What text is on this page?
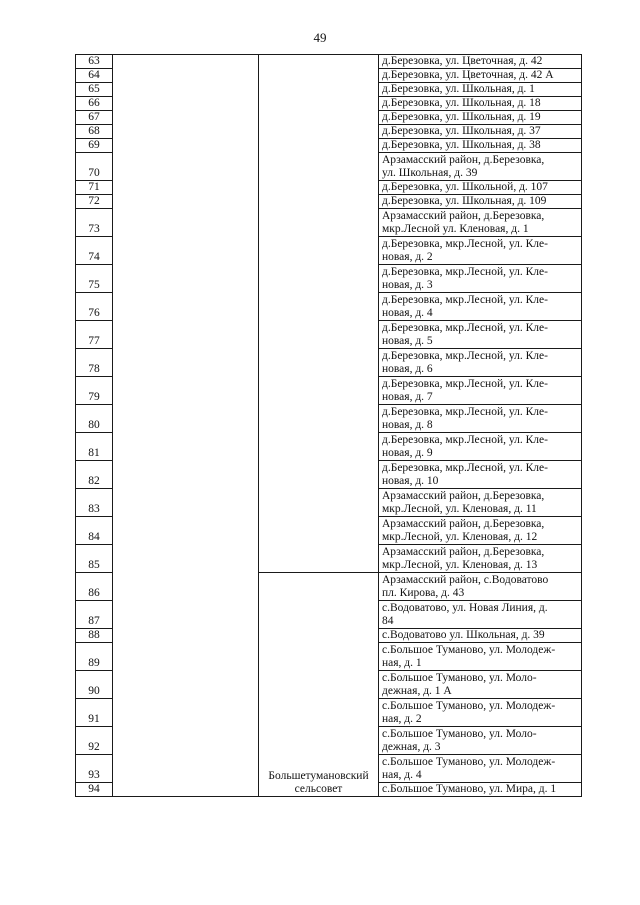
49
63			д.Березовка, ул. Цветочная, д. 42

64			д.Березовка, ул. Цветочная, д. 42 А

65			д.Березовка, ул. Школьная, д. 1

66			д.Березовка, ул. Школьная, д. 18

67			д.Березовка, ул. Школьная, д. 19

68			д.Березовка, ул. Школьная, д. 37

69			д.Березовка, ул. Школьная, д. 38

70			Арзамасский район, д.Березовка,
ул. Школьная, д. 39

71			д.Березовка, ул. Школьной, д. 107

72			д.Березовка, ул. Школьная, д. 109

73			Арзамасский район, д.Березовка,
мкр.Лесной ул. Кленовая, д. 1

74			д.Березовка, мкр.Лесной, ул. Кле-
новая, д. 2

75			д.Березовка, мкр.Лесной, ул. Кле-
новая, д. 3

76			д.Березовка, мкр.Лесной, ул. Кле-
новая, д. 4

77			д.Березовка, мкр.Лесной, ул. Кле-
новая, д. 5

78			д.Березовка, мкр.Лесной, ул. Кле-
новая, д. 6

79			д.Березовка, мкр.Лесной, ул. Кле-
новая, д. 7

80			д.Березовка, мкр.Лесной, ул. Кле-
новая, д. 8

81			д.Березовка, мкр.Лесной, ул. Кле-
новая, д. 9

82			д.Березовка, мкр.Лесной, ул. Кле-
новая, д. 10

83			Арзамасский район, д.Березовка,
мкр.Лесной, ул. Кленовая, д. 11

84			Арзамасский район, д.Березовка,
мкр.Лесной, ул. Кленовая, д. 12

85			Арзамасский район, д.Березовка,
мкр.Лесной, ул. Кленовая, д. 13

86		Большетумановский сельсовет	Арзамасский район, с.Водоватово
пл. Кирова, д. 43

87			с.Водоватово, ул. Новая Линия, д.
84

88			с.Водоватово ул. Школьная, д. 39

89			с.Большое Туманово, ул. Молодеж-
ная, д. 1

90			с.Большое Туманово, ул. Моло-
дежная, д. 1 А

91			с.Большое Туманово, ул. Молодеж-
ная, д. 2

92			с.Большое Туманово, ул. Моло-
дежная, д. 3

93			с.Большое Туманово, ул. Молодеж-
ная, д. 4

94			с.Большое Туманово, ул. Мира, д. 1
